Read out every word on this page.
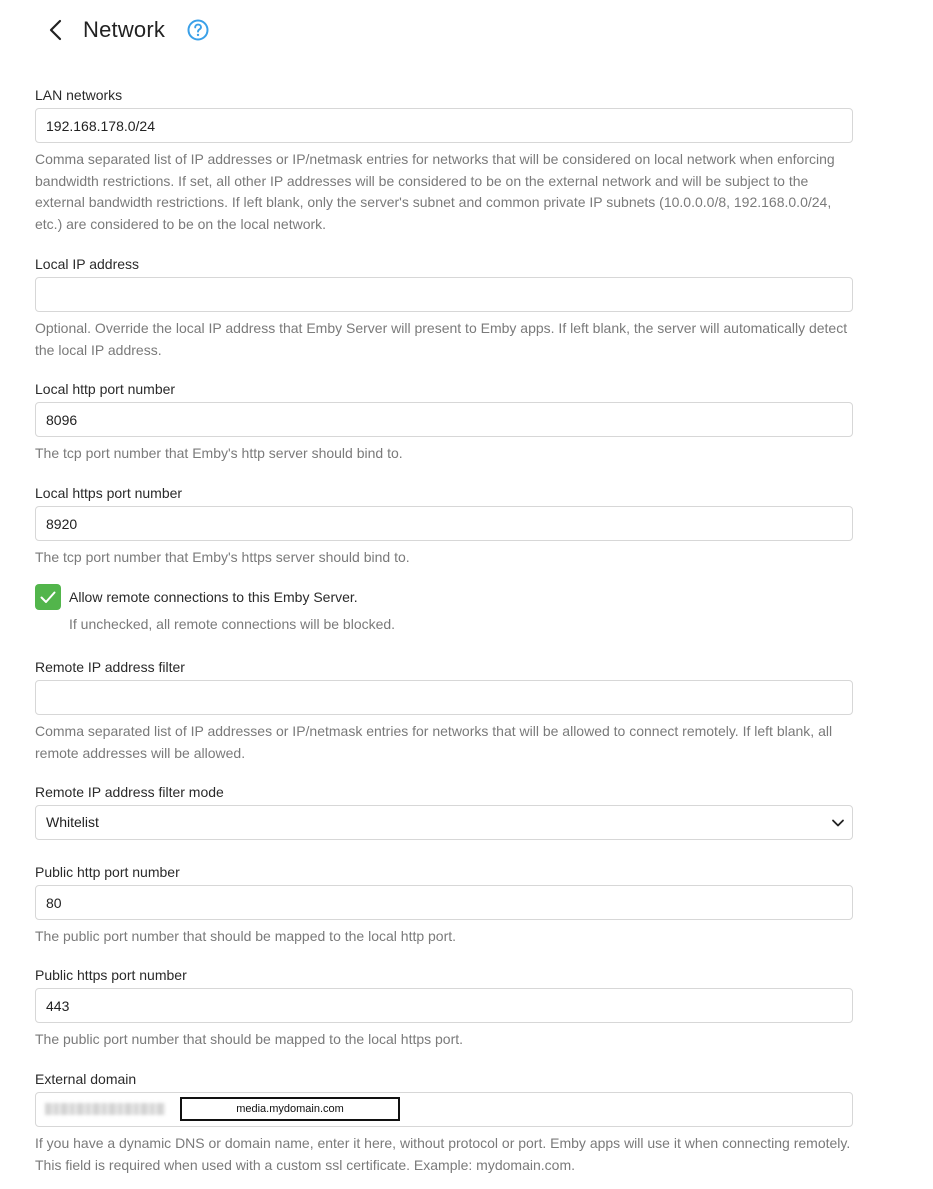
Network
LAN networks
192.168.178.0/24
Comma separated list of IP addresses or IP/netmask entries for networks that will be considered on local network when enforcing bandwidth restrictions. If set, all other IP addresses will be considered to be on the external network and will be subject to the external bandwidth restrictions. If left blank, only the server's subnet and common private IP subnets (10.0.0.0/8, 192.168.0.0/24, etc.) are considered to be on the local network.
Local IP address
Optional. Override the local IP address that Emby Server will present to Emby apps. If left blank, the server will automatically detect the local IP address.
Local http port number
8096
The tcp port number that Emby's http server should bind to.
Local https port number
8920
The tcp port number that Emby's https server should bind to.
Allow remote connections to this Emby Server.
If unchecked, all remote connections will be blocked.
Remote IP address filter
Comma separated list of IP addresses or IP/netmask entries for networks that will be allowed to connect remotely. If left blank, all remote addresses will be allowed.
Remote IP address filter mode
Whitelist
Public http port number
80
The public port number that should be mapped to the local http port.
Public https port number
443
The public port number that should be mapped to the local https port.
External domain
media.mydomain.com
If you have a dynamic DNS or domain name, enter it here, without protocol or port. Emby apps will use it when connecting remotely. This field is required when used with a custom ssl certificate. Example: mydomain.com.
